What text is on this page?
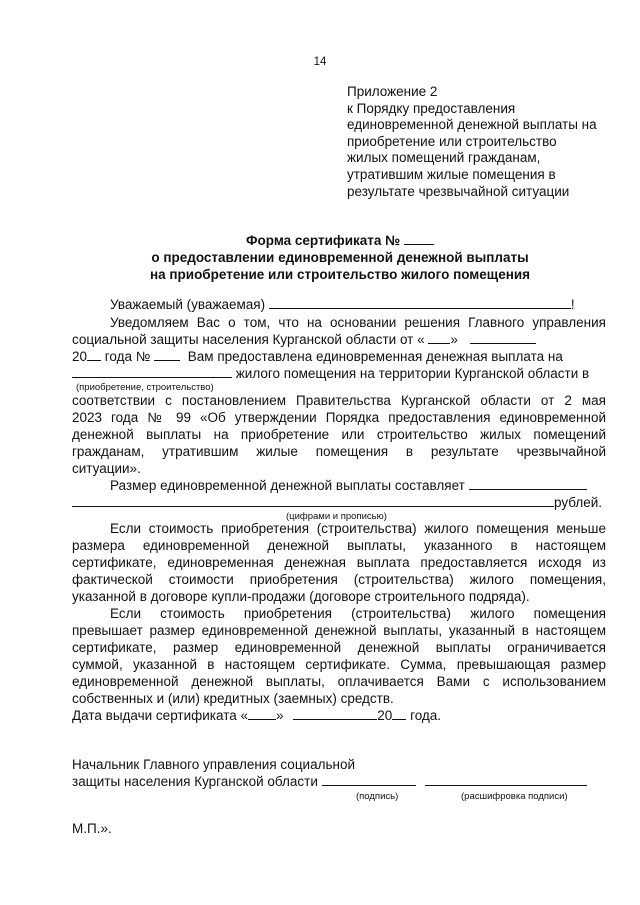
14
Приложение 2
к Порядку предоставления
единовременной денежной выплаты на
приобретение или строительство
жилых помещений гражданам,
утратившим жилые помещения в
результате чрезвычайной ситуации
Форма сертификата №
о предоставлении единовременной денежной выплаты
на приобретение или строительство жилого помещения
Уважаемый (уважаемая)	!
Уведомляем Вас о том, что на основании решения Главного управления
социальной защиты населения Курганской области от « »
20 года №	Вам предоставлена единовременная денежная выплата на
жилого помещения на территории Курганской области в
(приобретение, строительство)
соответствии с постановлением Правительства Курганской области от 2 мая
2023 года № 99 «Об утверждении Порядка предоставления единовременной
денежной выплаты на приобретение или строительство жилых помещений
гражданам, утратившим жилые помещения в результате чрезвычайной
ситуации».
Размер единовременной денежной выплаты составляет
рублей.
(цифрами и прописью)
Если стоимость приобретения (строительства) жилого помещения меньше
размера единовременной денежной выплаты, указанного в настоящем
сертификате, единовременная денежная выплата предоставляется исходя из
фактической стоимости приобретения (строительства) жилого помещения,
указанной в договоре купли-продажи (договоре строительного подряда).
Если стоимость приобретения (строительства) жилого помещения
превышает размер единовременной денежной выплаты, указанный в настоящем
сертификате, размер единовременной денежной выплаты ограничивается
суммой, указанной в настоящем сертификате. Сумма, превышающая размер
единовременной денежной выплаты, оплачивается Вами с использованием
собственных и (или) кредитных (заемных) средств.
Дата выдачи сертификата « »	20 года.
Начальник Главного управления социальной
защиты населения Курганской области
(подпись)	(расшифровка подписи)
М.П.».
